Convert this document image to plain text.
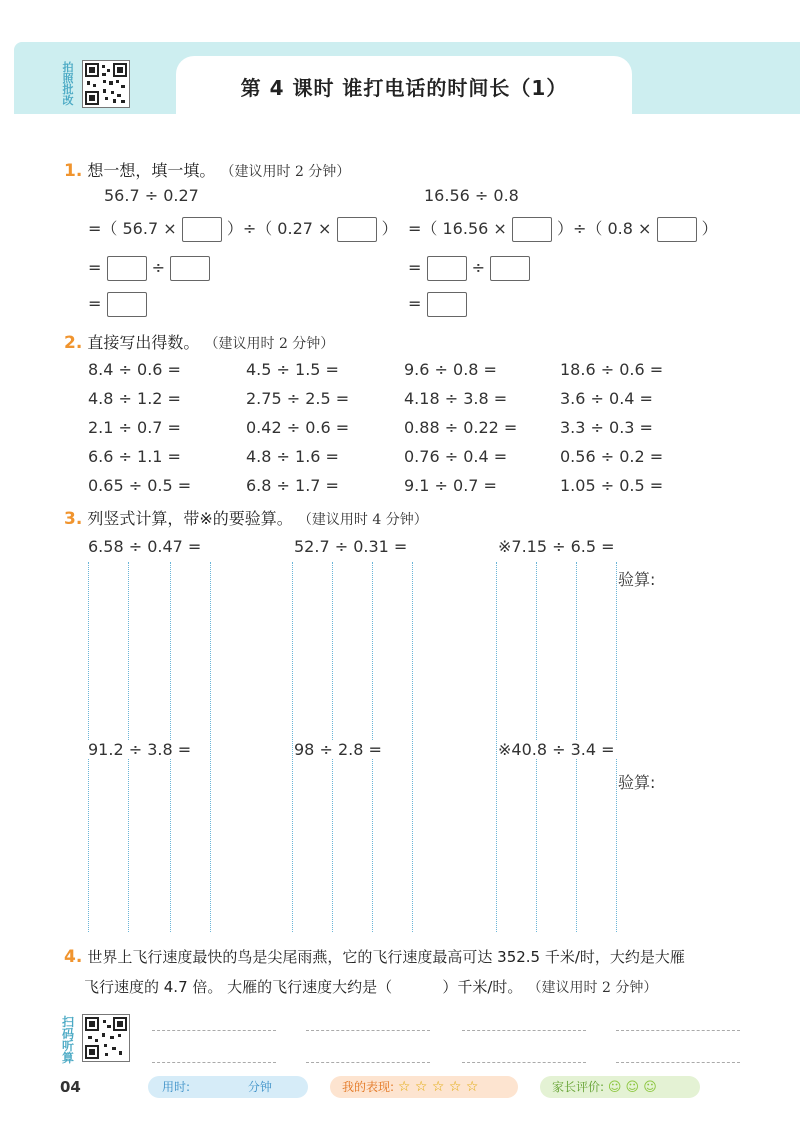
第 4 课时 谁打电话的时间长（1）
拍照批改
1. 想一想，填一填。 （建议用时 2 分钟）
56.7 ÷ 0.27
=（ 56.7 ×	）÷（ 0.27 ×	）
=	÷
=
16.56 ÷ 0.8
=（ 16.56 ×	）÷（ 0.8 ×	）
=	÷
=
2. 直接写出得数。 （建议用时 2 分钟）
8.4 ÷ 0.6 =	4.5 ÷ 1.5 =	9.6 ÷ 0.8 =	18.6 ÷ 0.6 =
4.8 ÷ 1.2 =	2.75 ÷ 2.5 =	4.18 ÷ 3.8 =	3.6 ÷ 0.4 =
2.1 ÷ 0.7 =	0.42 ÷ 0.6 =	0.88 ÷ 0.22 =	3.3 ÷ 0.3 =
6.6 ÷ 1.1 =	4.8 ÷ 1.6 =	0.76 ÷ 0.4 =	0.56 ÷ 0.2 =
0.65 ÷ 0.5 =	6.8 ÷ 1.7 =	9.1 ÷ 0.7 =	1.05 ÷ 0.5 =
3. 列竖式计算，带※的要验算。 （建议用时 4 分钟）
6.58 ÷ 0.47 =	52.7 ÷ 0.31 =	※7.15 ÷ 6.5 =
验算:
91.2 ÷ 3.8 =	98 ÷ 2.8 =	※40.8 ÷ 3.4 =
验算:
4. 世界上飞行速度最快的鸟是尖尾雨燕，它的飞行速度最高可达 352.5 千米/时，大约是大雁
飞行速度的 4.7 倍。 大雁的飞行速度大约是（	）千米/时。 （建议用时 2 分钟）
扫码听算
04	用时:	分钟	我的表现: ☆ ☆ ☆ ☆ ☆	家长评价: ☺ ☺ ☺
